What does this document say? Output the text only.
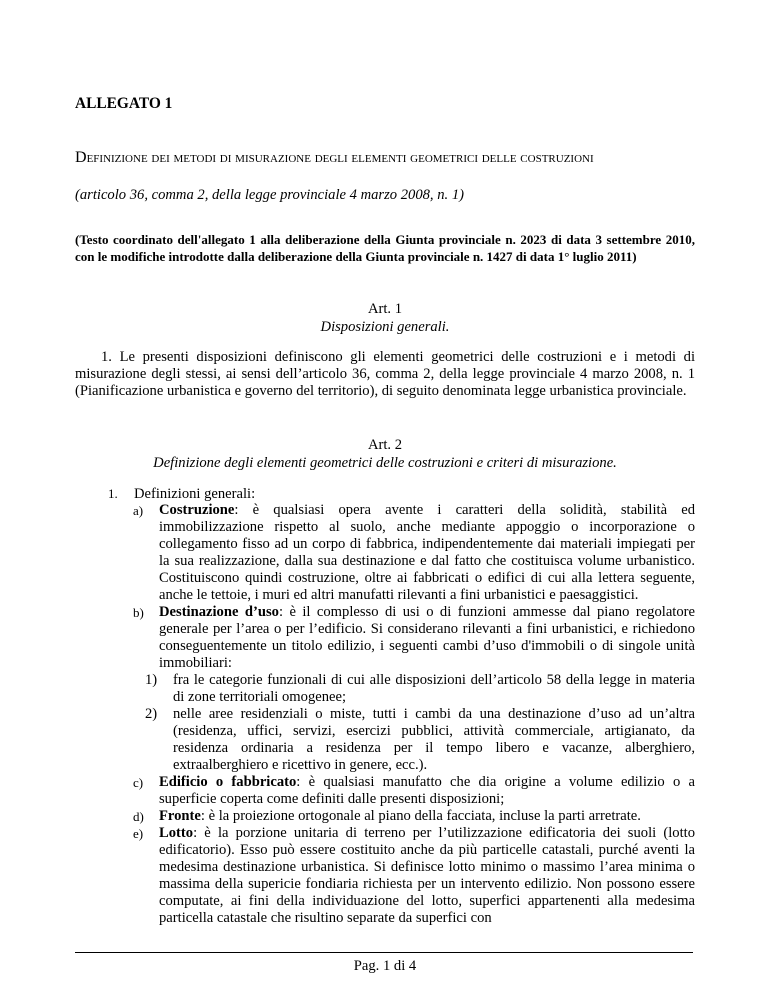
ALLEGATO 1

Definizione dei metodi di misurazione degli elementi geometrici delle costruzioni

(articolo 36, comma 2, della legge provinciale 4 marzo 2008, n. 1)

(Testo coordinato dell'allegato 1 alla deliberazione della Giunta provinciale n. 2023 di data 3 settembre 2010, con le modifiche introdotte dalla deliberazione della Giunta provinciale n. 1427 di data 1° luglio 2011)

Art. 1

Disposizioni generali.

1. Le presenti disposizioni definiscono gli elementi geometrici delle costruzioni e i metodi di misurazione degli stessi, ai sensi dell’articolo 36, comma 2, della legge provinciale 4 marzo 2008, n. 1 (Pianificazione urbanistica e governo del territorio), di seguito denominata legge urbanistica provinciale.

Art. 2

Definizione degli elementi geometrici delle costruzioni e criteri di misurazione.

1. Definizioni generali:

a) Costruzione: è qualsiasi opera avente i caratteri della solidità, stabilità ed immobilizzazione rispetto al suolo, anche mediante appoggio o incorporazione o collegamento fisso ad un corpo di fabbrica, indipendentemente dai materiali impiegati per la sua realizzazione, dalla sua destinazione e dal fatto che costituisca volume urbanistico. Costituiscono quindi costruzione, oltre ai fabbricati o edifici di cui alla lettera seguente, anche le tettoie, i muri ed altri manufatti rilevanti a fini urbanistici e paesaggistici.

b) Destinazione d’uso: è il complesso di usi o di funzioni ammesse dal piano regolatore generale per l’area o per l’edificio. Si considerano rilevanti a fini urbanistici, e richiedono conseguentemente un titolo edilizio, i seguenti cambi d’uso d'immobili o di singole unità immobiliari:

1) fra le categorie funzionali di cui alle disposizioni dell’articolo 58 della legge in materia di zone territoriali omogenee;

2) nelle aree residenziali o miste, tutti i cambi da una destinazione d’uso ad un’altra (residenza, uffici, servizi, esercizi pubblici, attività commerciale, artigianato, da residenza ordinaria a residenza per il tempo libero e vacanze, alberghiero, extraalberghiero e ricettivo in genere, ecc.).

c) Edificio o fabbricato: è qualsiasi manufatto che dia origine a volume edilizio o a superficie coperta come definiti dalle presenti disposizioni;

d) Fronte: è la proiezione ortogonale al piano della facciata, incluse la parti arretrate.

e) Lotto: è la porzione unitaria di terreno per l’utilizzazione edificatoria dei suoli (lotto edificatorio). Esso può essere costituito anche da più particelle catastali, purché aventi la medesima destinazione urbanistica. Si definisce lotto minimo o massimo l’area minima o massima della supericie fondiaria richiesta per un intervento edilizio. Non possono essere computate, ai fini della individuazione del lotto, superfici appartenenti alla medesima particella catastale che risultino separate da superfici con

Pag. 1 di 4
